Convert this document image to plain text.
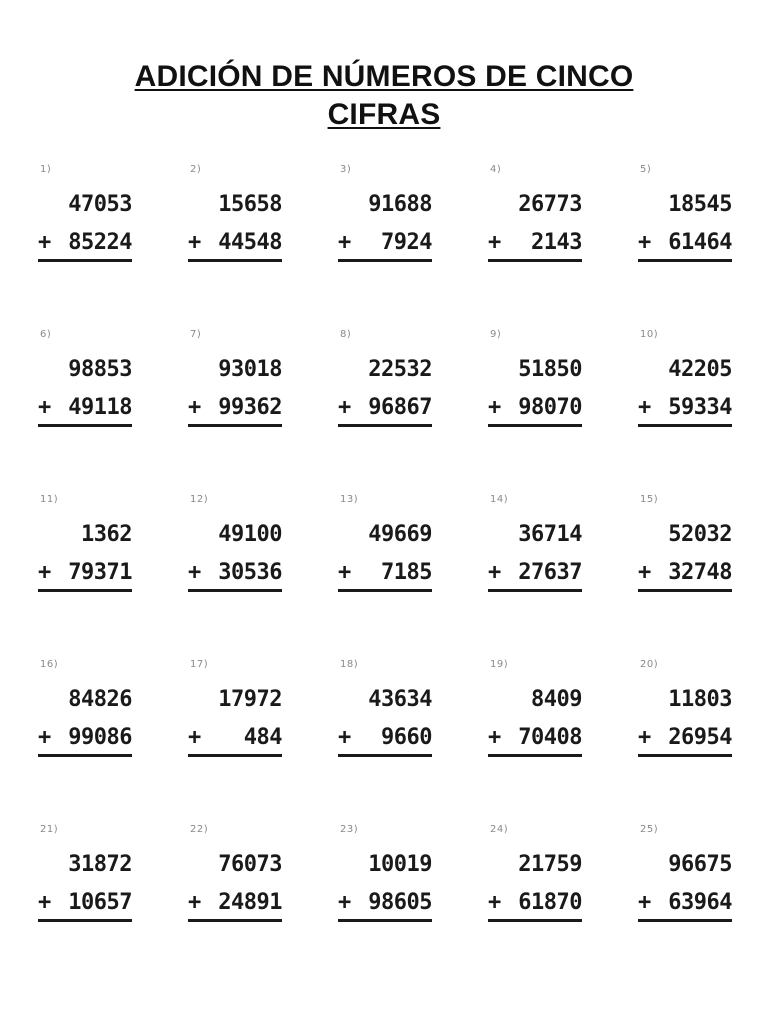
ADICIÓN DE NÚMEROS DE CINCO
CIFRAS
1)
47053
+ 85224
2)
15658
+ 44548
3)
91688
+ 7924
4)
26773
+ 2143
5)
18545
+ 61464
6)
98853
+ 49118
7)
93018
+ 99362
8)
22532
+ 96867
9)
51850
+ 98070
10)
42205
+ 59334
11)
1362
+ 79371
12)
49100
+ 30536
13)
49669
+ 7185
14)
36714
+ 27637
15)
52032
+ 32748
16)
84826
+ 99086
17)
17972
+ 484
18)
43634
+ 9660
19)
8409
+ 70408
20)
11803
+ 26954
21)
31872
+ 10657
22)
76073
+ 24891
23)
10019
+ 98605
24)
21759
+ 61870
25)
96675
+ 63964
